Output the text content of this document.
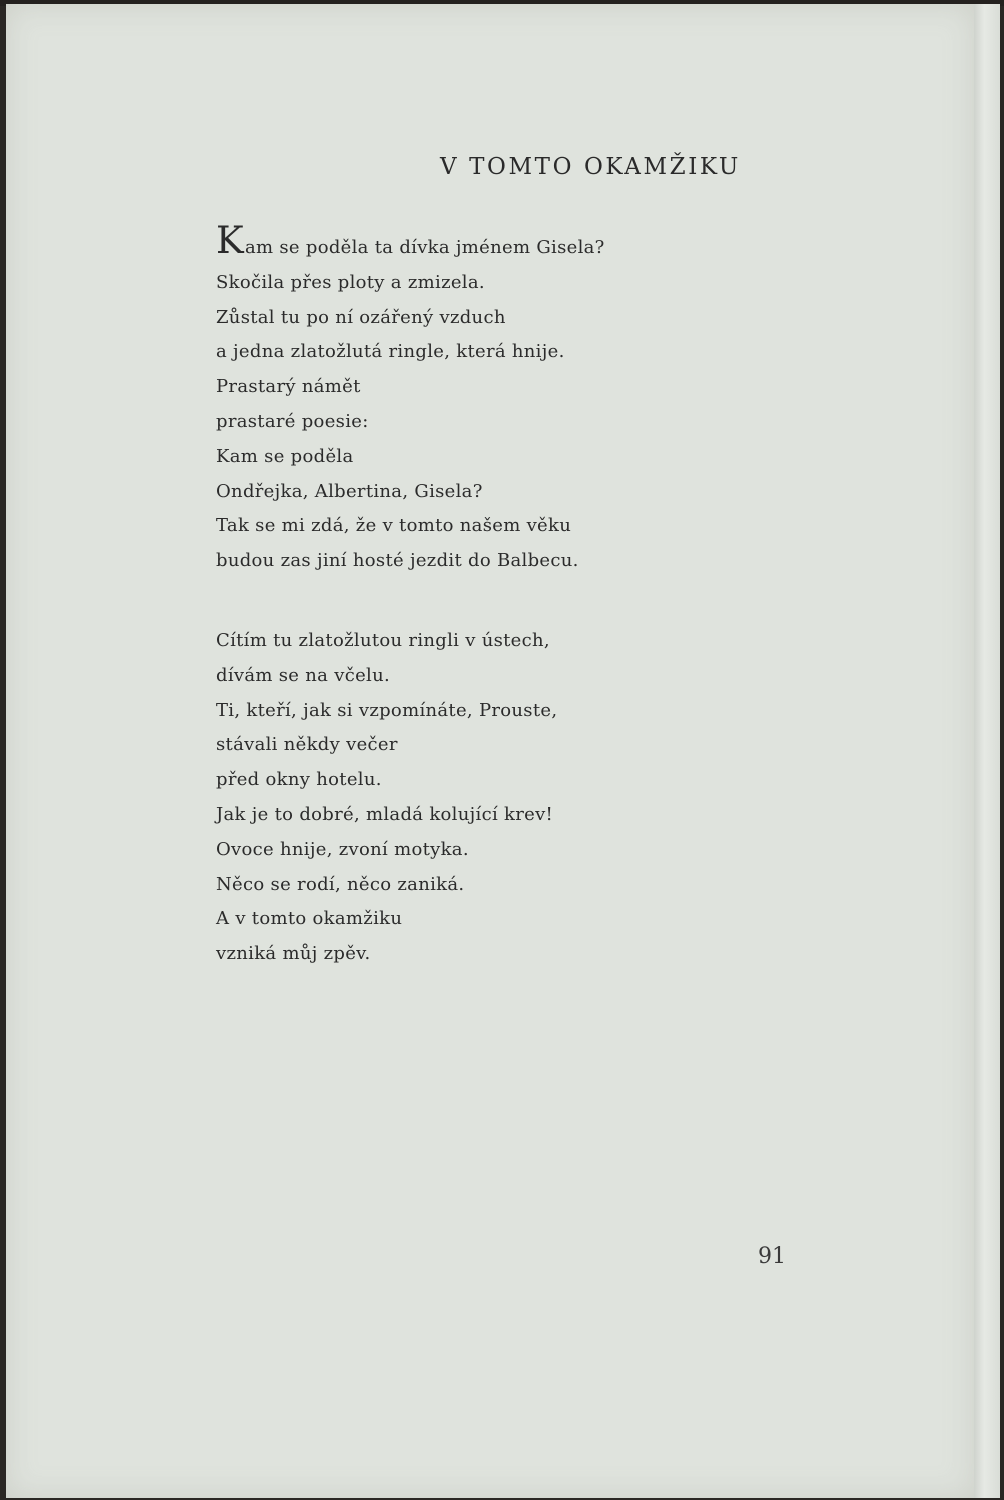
V TOMTO OKAMŽIKU
Kam se poděla ta dívka jménem Gisela?
Skočila přes ploty a zmizela.
Zůstal tu po ní ozářený vzduch
a jedna zlatožlutá ringle, která hnije.
Prastarý námět
prastaré poesie:
Kam se poděla
Ondřejka, Albertina, Gisela?
Tak se mi zdá, že v tomto našem věku
budou zas jiní hosté jezdit do Balbecu.
Cítím tu zlatožlutou ringli v ústech,
dívám se na včelu.
Ti, kteří, jak si vzpomínáte, Prouste,
stávali někdy večer
před okny hotelu.
Jak je to dobré, mladá kolující krev!
Ovoce hnije, zvoní motyka.
Něco se rodí, něco zaniká.
A v tomto okamžiku
vzniká můj zpěv.
91
